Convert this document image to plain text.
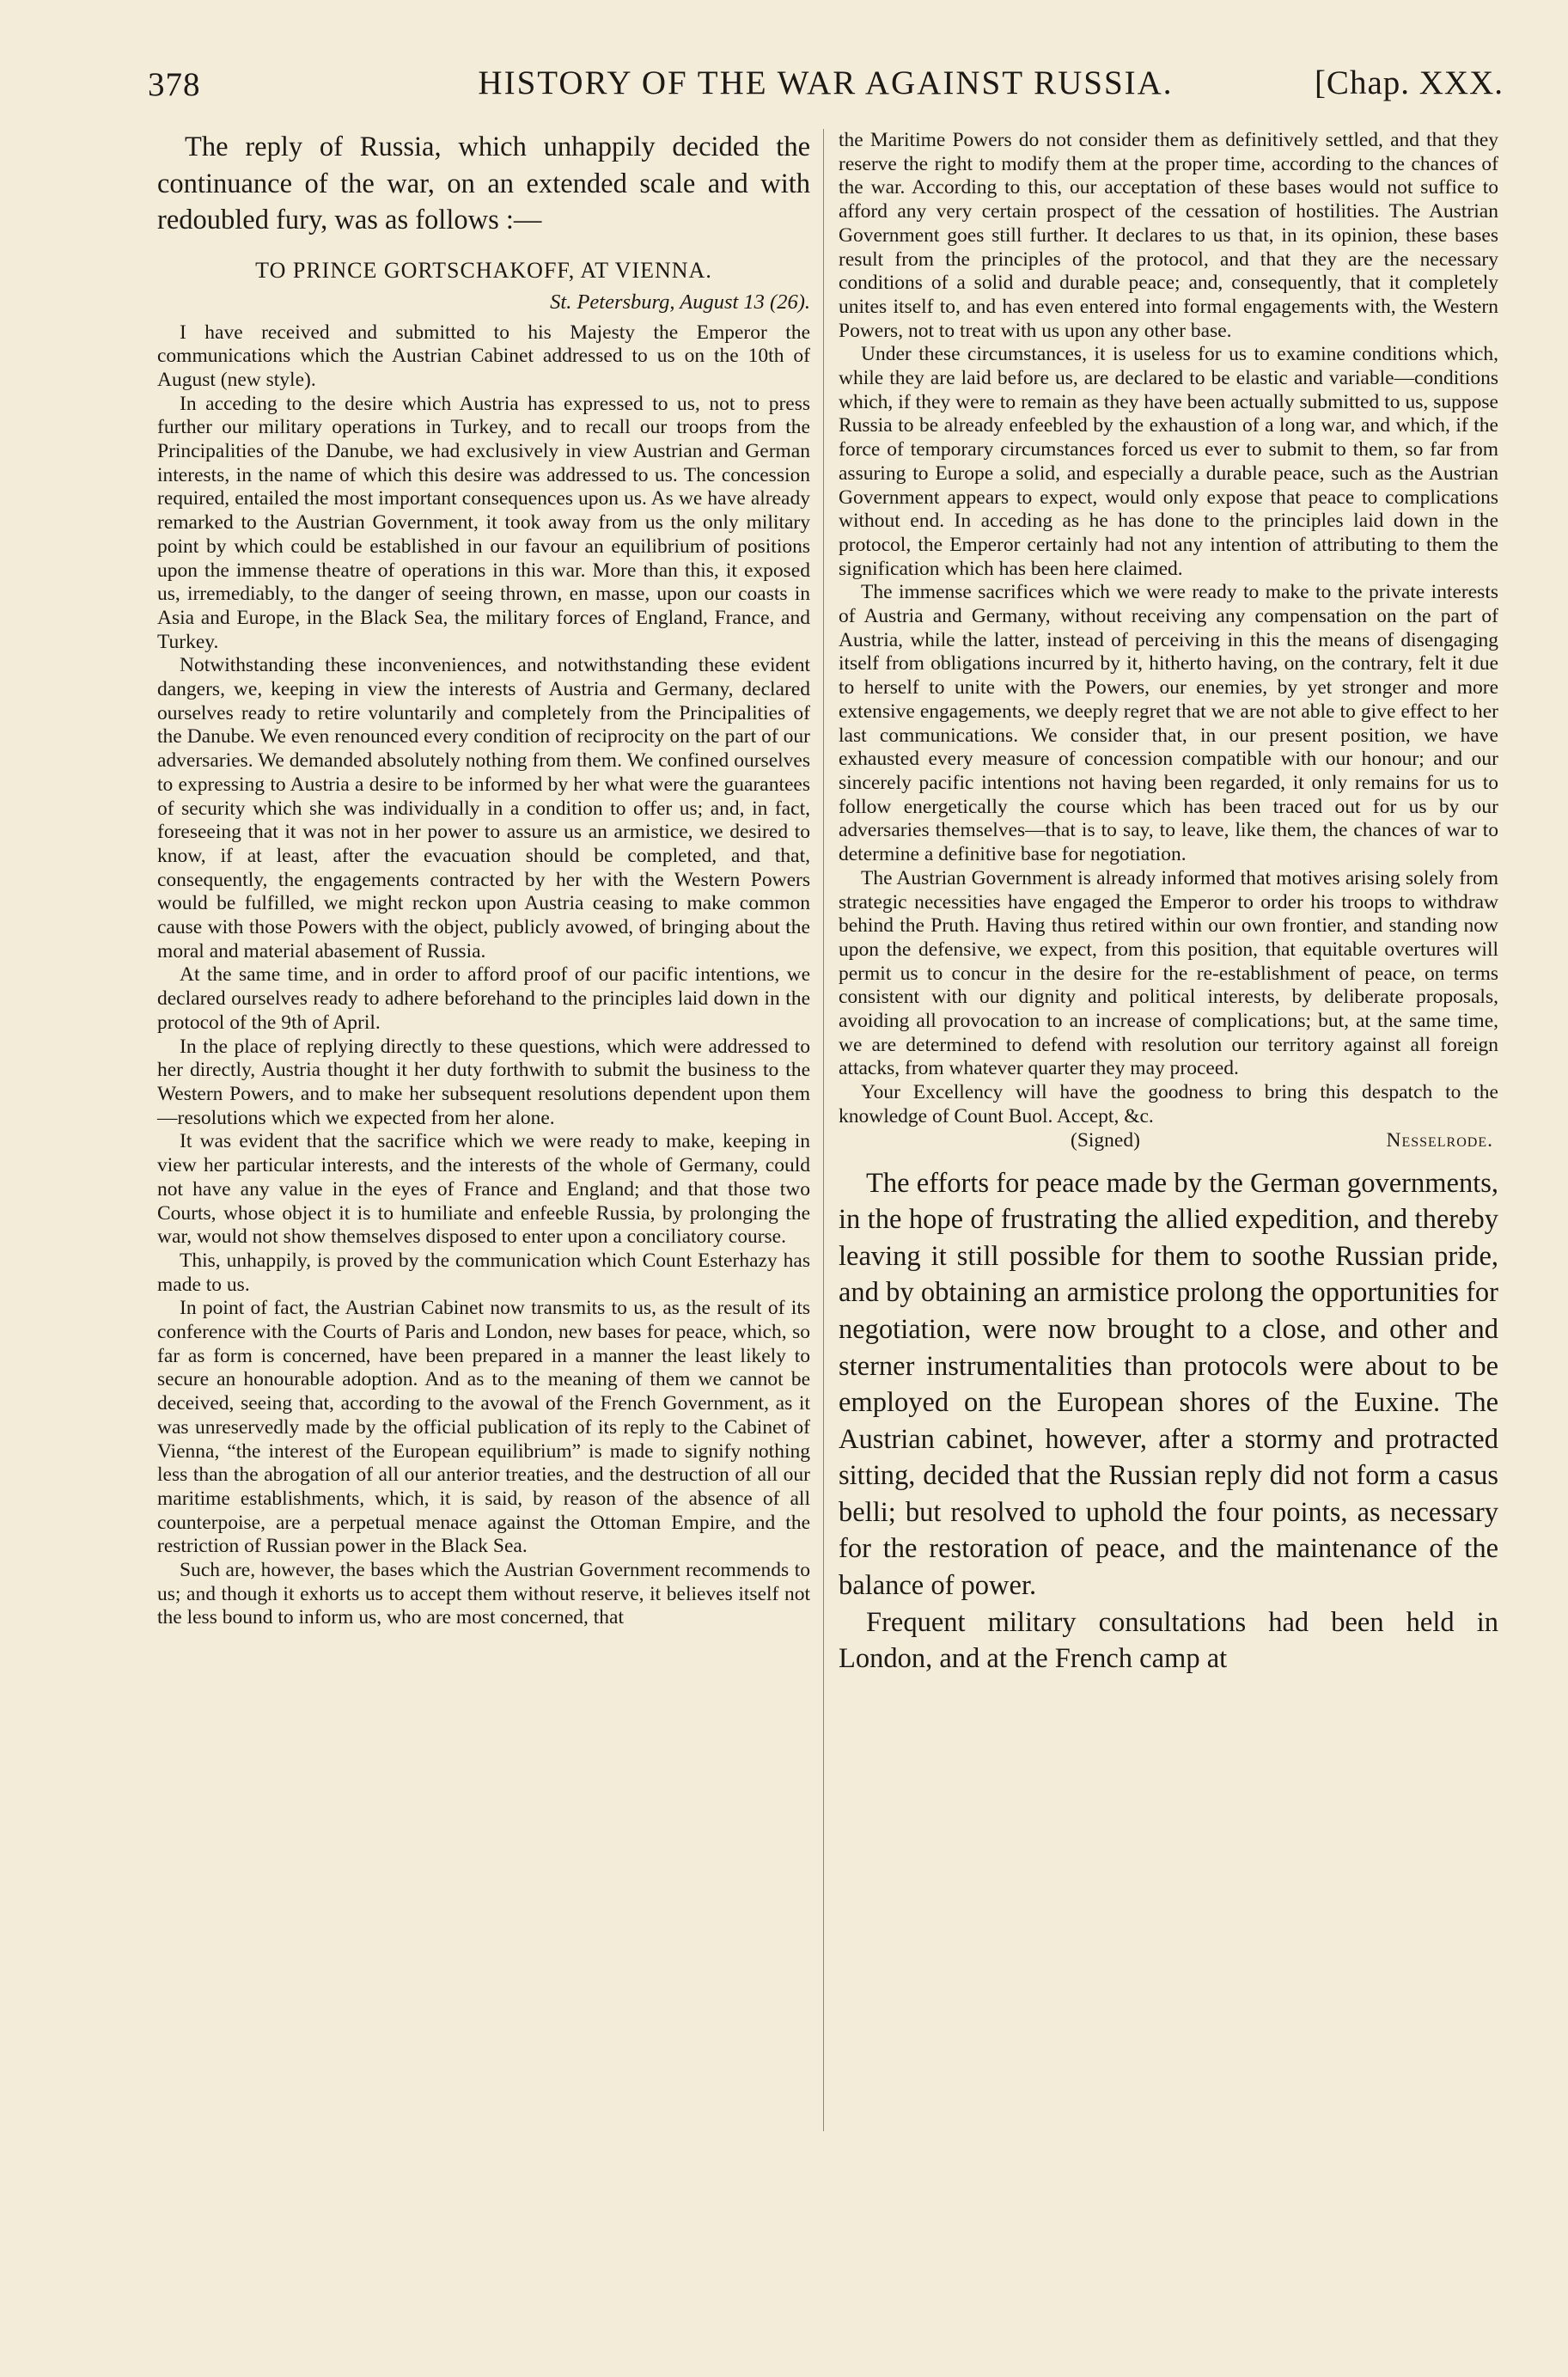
378	HISTORY OF THE WAR AGAINST RUSSIA.	[Chap. XXX.

The reply of Russia, which unhappily decided the continuance of the war, on an extended scale and with redoubled fury, was as follows :—

TO PRINCE GORTSCHAKOFF, AT VIENNA.
St. Petersburg, August 13 (26).

I have received and submitted to his Majesty the Emperor the communications which the Austrian Cabinet addressed to us on the 10th of August (new style).

In acceding to the desire which Austria has expressed to us, not to press further our military operations in Turkey, and to recall our troops from the Principalities of the Danube, we had exclusively in view Austrian and German interests, in the name of which this desire was addressed to us. The concession required, entailed the most important consequences upon us. As we have already remarked to the Austrian Government, it took away from us the only military point by which could be established in our favour an equilibrium of positions upon the immense theatre of operations in this war. More than this, it exposed us, irremediably, to the danger of seeing thrown, en masse, upon our coasts in Asia and Europe, in the Black Sea, the military forces of England, France, and Turkey.

Notwithstanding these inconveniences, and notwithstanding these evident dangers, we, keeping in view the interests of Austria and Germany, declared ourselves ready to retire voluntarily and completely from the Principalities of the Danube. We even renounced every condition of reciprocity on the part of our adversaries. We demanded absolutely nothing from them. We confined ourselves to expressing to Austria a desire to be informed by her what were the guarantees of security which she was individually in a condition to offer us; and, in fact, foreseeing that it was not in her power to assure us an armistice, we desired to know, if at least, after the evacuation should be completed, and that, consequently, the engagements contracted by her with the Western Powers would be fulfilled, we might reckon upon Austria ceasing to make common cause with those Powers with the object, publicly avowed, of bringing about the moral and material abasement of Russia.

At the same time, and in order to afford proof of our pacific intentions, we declared ourselves ready to adhere beforehand to the principles laid down in the protocol of the 9th of April.

In the place of replying directly to these questions, which were addressed to her directly, Austria thought it her duty forthwith to submit the business to the Western Powers, and to make her subsequent resolutions dependent upon them—resolutions which we expected from her alone.

It was evident that the sacrifice which we were ready to make, keeping in view her particular interests, and the interests of the whole of Germany, could not have any value in the eyes of France and England; and that those two Courts, whose object it is to humiliate and enfeeble Russia, by prolonging the war, would not show themselves disposed to enter upon a conciliatory course.

This, unhappily, is proved by the communication which Count Esterhazy has made to us.

In point of fact, the Austrian Cabinet now transmits to us, as the result of its conference with the Courts of Paris and London, new bases for peace, which, so far as form is concerned, have been prepared in a manner the least likely to secure an honourable adoption. And as to the meaning of them we cannot be deceived, seeing that, according to the avowal of the French Government, as it was unreservedly made by the official publication of its reply to the Cabinet of Vienna, “the interest of the European equilibrium” is made to signify nothing less than the abrogation of all our anterior treaties, and the destruction of all our maritime establishments, which, it is said, by reason of the absence of all counterpoise, are a perpetual menace against the Ottoman Empire, and the restriction of Russian power in the Black Sea.

Such are, however, the bases which the Austrian Government recommends to us; and though it exhorts us to accept them without reserve, it believes itself not the less bound to inform us, who are most concerned, that

the Maritime Powers do not consider them as definitively settled, and that they reserve the right to modify them at the proper time, according to the chances of the war. According to this, our acceptation of these bases would not suffice to afford any very certain prospect of the cessation of hostilities. The Austrian Government goes still further. It declares to us that, in its opinion, these bases result from the principles of the protocol, and that they are the necessary conditions of a solid and durable peace; and, consequently, that it completely unites itself to, and has even entered into formal engagements with, the Western Powers, not to treat with us upon any other base.

Under these circumstances, it is useless for us to examine conditions which, while they are laid before us, are declared to be elastic and variable—conditions which, if they were to remain as they have been actually submitted to us, suppose Russia to be already enfeebled by the exhaustion of a long war, and which, if the force of temporary circumstances forced us ever to submit to them, so far from assuring to Europe a solid, and especially a durable peace, such as the Austrian Government appears to expect, would only expose that peace to complications without end. In acceding as he has done to the principles laid down in the protocol, the Emperor certainly had not any intention of attributing to them the signification which has been here claimed.

The immense sacrifices which we were ready to make to the private interests of Austria and Germany, without receiving any compensation on the part of Austria, while the latter, instead of perceiving in this the means of disengaging itself from obligations incurred by it, hitherto having, on the contrary, felt it due to herself to unite with the Powers, our enemies, by yet stronger and more extensive engagements, we deeply regret that we are not able to give effect to her last communications. We consider that, in our present position, we have exhausted every measure of concession compatible with our honour; and our sincerely pacific intentions not having been regarded, it only remains for us to follow energetically the course which has been traced out for us by our adversaries themselves—that is to say, to leave, like them, the chances of war to determine a definitive base for negotiation.

The Austrian Government is already informed that motives arising solely from strategic necessities have engaged the Emperor to order his troops to withdraw behind the Pruth. Having thus retired within our own frontier, and standing now upon the defensive, we expect, from this position, that equitable overtures will permit us to concur in the desire for the re-establishment of peace, on terms consistent with our dignity and political interests, by deliberate proposals, avoiding all provocation to an increase of complications; but, at the same time, we are determined to defend with resolution our territory against all foreign attacks, from whatever quarter they may proceed.

Your Excellency will have the goodness to bring this despatch to the knowledge of Count Buol. Accept, &c.

(Signed)	Nesselrode.

The efforts for peace made by the German governments, in the hope of frustrating the allied expedition, and thereby leaving it still possible for them to soothe Russian pride, and by obtaining an armistice prolong the opportunities for negotiation, were now brought to a close, and other and sterner instrumentalities than protocols were about to be employed on the European shores of the Euxine. The Austrian cabinet, however, after a stormy and protracted sitting, decided that the Russian reply did not form a casus belli; but resolved to uphold the four points, as necessary for the restoration of peace, and the maintenance of the balance of power.

Frequent military consultations had been held in London, and at the French camp at
